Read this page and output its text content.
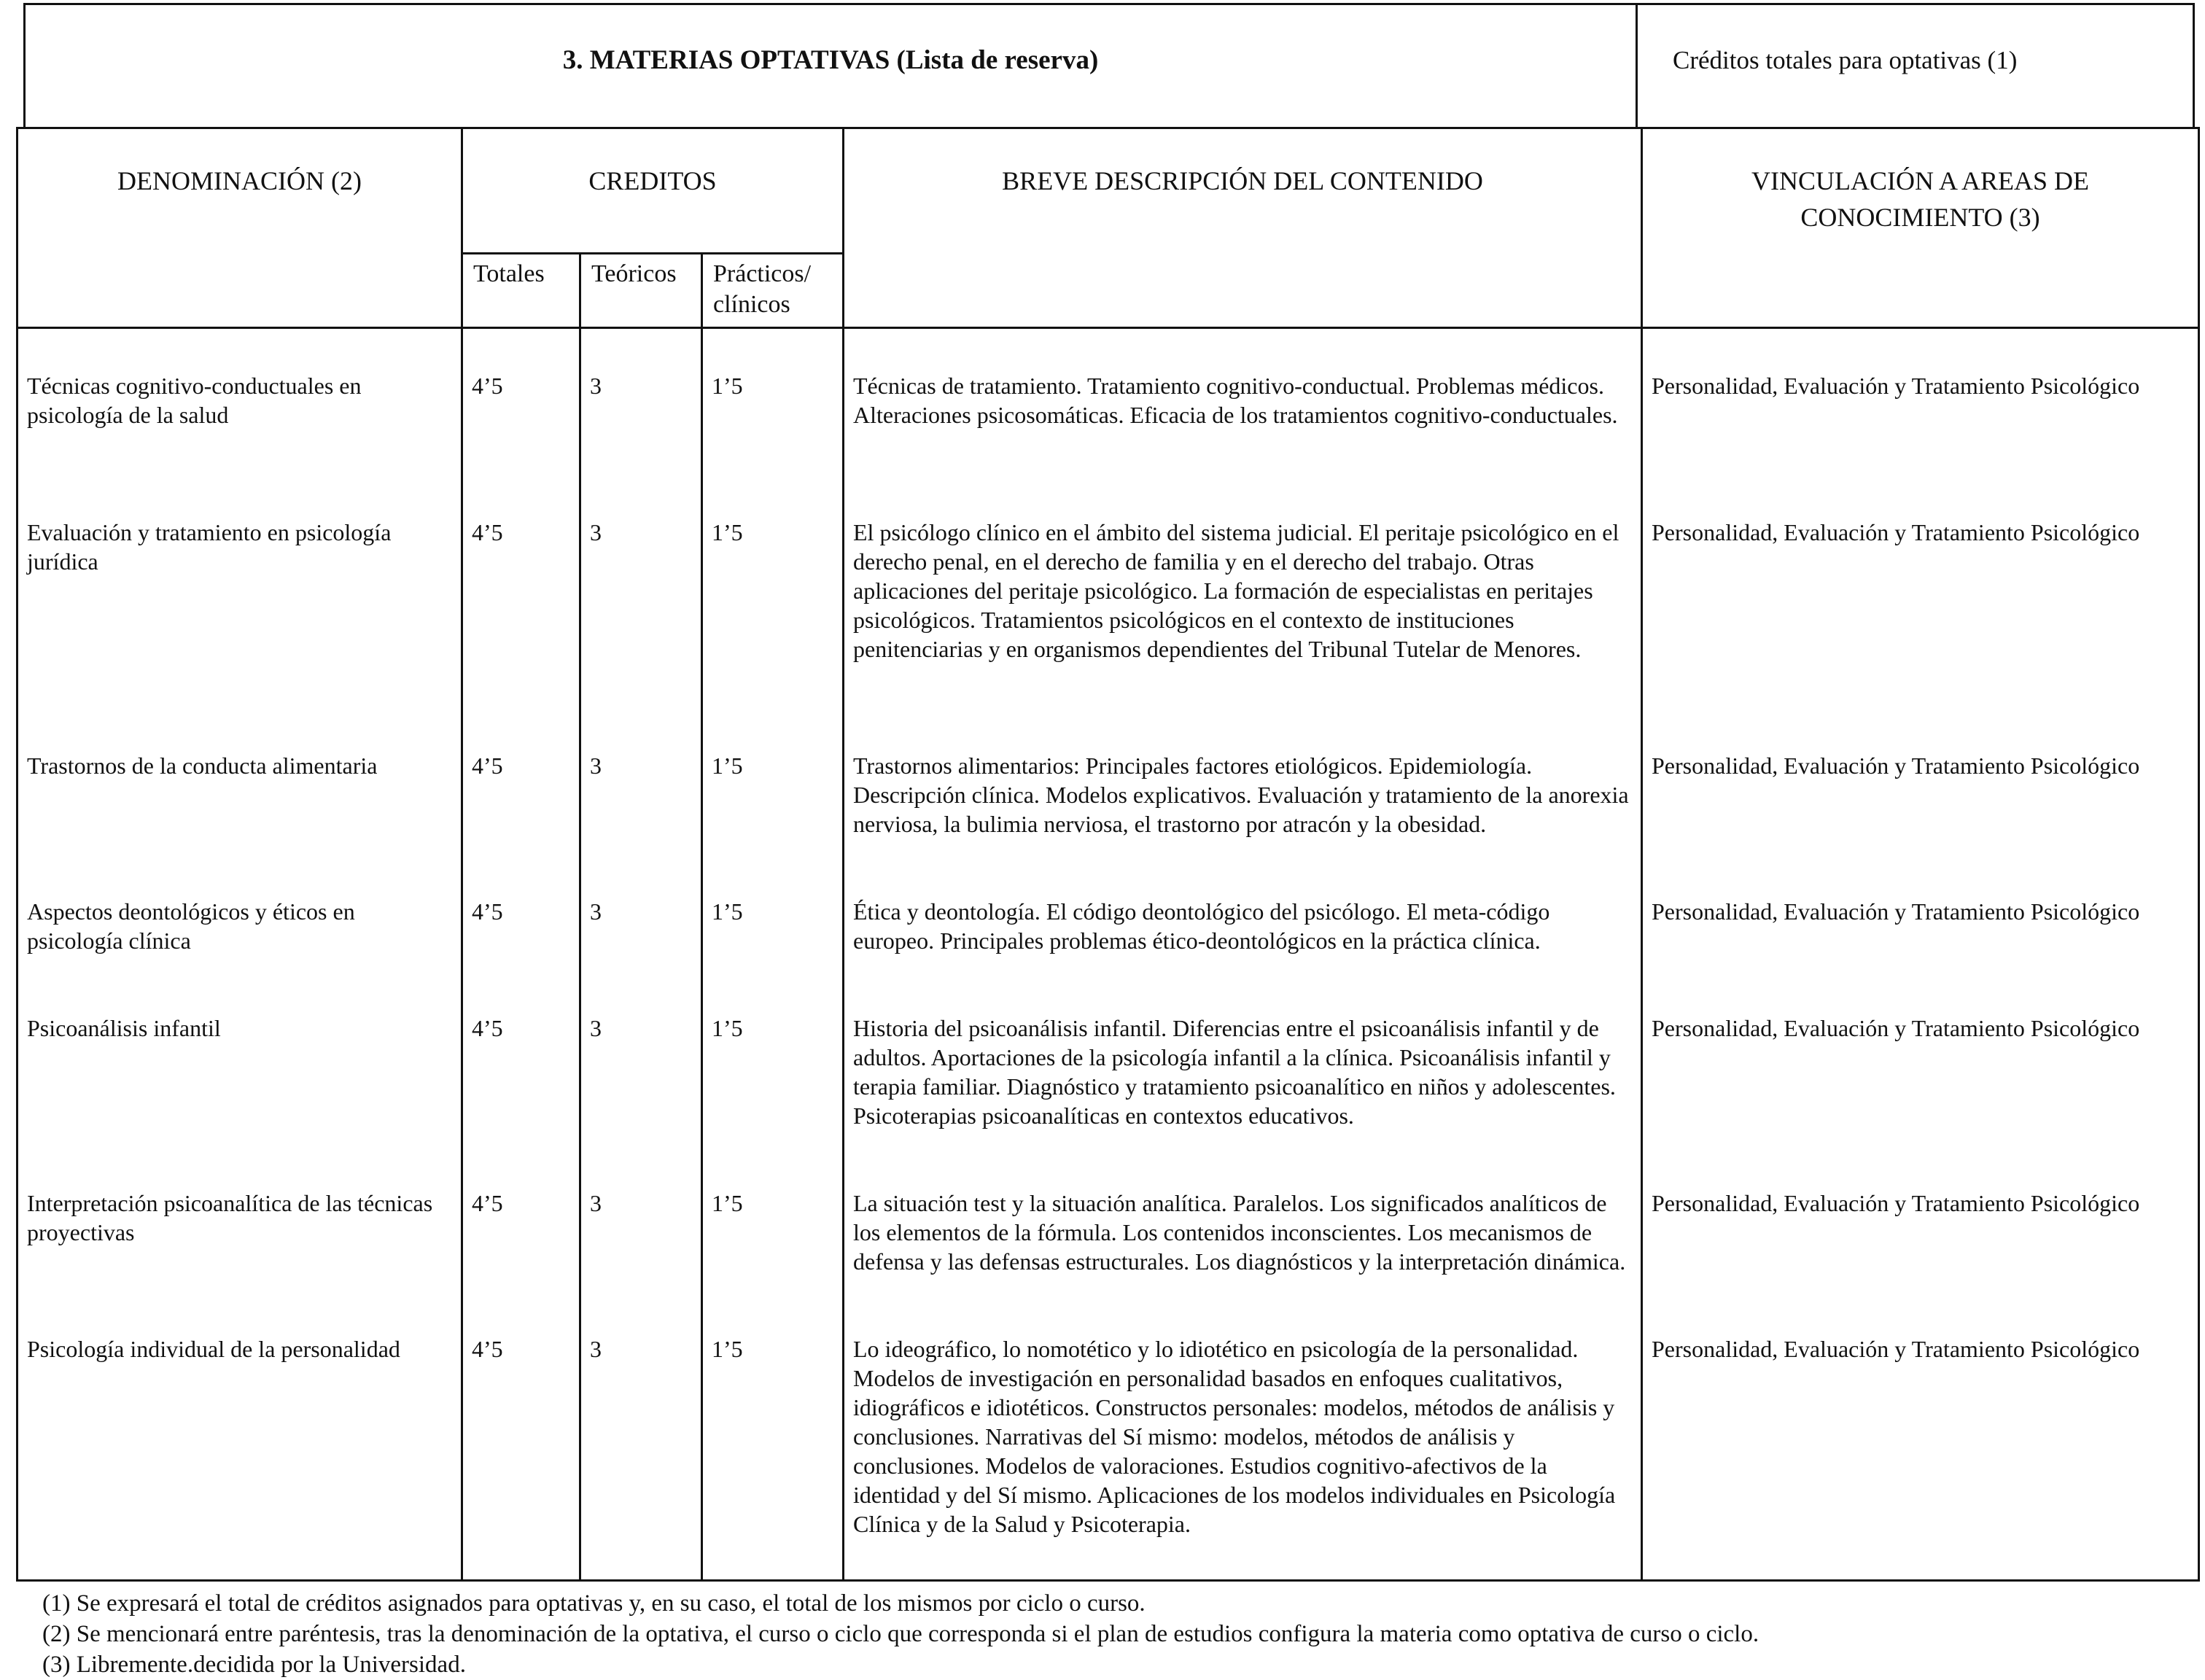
3. MATERIAS OPTATIVAS (Lista de reserva)	Créditos totales para optativas (1)
DENOMINACIÓN (2)	CREDITOS			BREVE DESCRIPCIÓN DEL CONTENIDO	VINCULACIÓN A AREAS DE CONOCIMIENTO (3)
	Totales	Teóricos	Prácticos/ clínicos		
Técnicas cognitivo-conductuales en psicología de la salud	4’5	3	1’5	Técnicas de tratamiento. Tratamiento cognitivo-conductual. Problemas médicos. Alteraciones psicosomáticas. Eficacia de los tratamientos cognitivo-conductuales.	Personalidad, Evaluación y Tratamiento Psicológico
Evaluación y tratamiento en psicología jurídica	4’5	3	1’5	El psicólogo clínico en el ámbito del sistema judicial. El peritaje psicológico en el derecho penal, en el derecho de familia y en el derecho del trabajo. Otras aplicaciones del peritaje psicológico. La formación de especialistas en peritajes psicológicos. Tratamientos psicológicos en el contexto de instituciones penitenciarias y en organismos dependientes del Tribunal Tutelar de Menores.	Personalidad, Evaluación y Tratamiento Psicológico
Trastornos de la conducta alimentaria	4’5	3	1’5	Trastornos alimentarios: Principales factores etiológicos. Epidemiología. Descripción clínica. Modelos explicativos. Evaluación y tratamiento de la anorexia nerviosa, la bulimia nerviosa, el trastorno por atracón y la obesidad.	Personalidad, Evaluación y Tratamiento Psicológico
Aspectos deontológicos y éticos en psicología clínica	4’5	3	1’5	Ética y deontología. El código deontológico del psicólogo. El meta-código europeo. Principales problemas ético-deontológicos en la práctica clínica.	Personalidad, Evaluación y Tratamiento Psicológico
Psicoanálisis infantil	4’5	3	1’5	Historia del psicoanálisis infantil. Diferencias entre el psicoanálisis infantil y de adultos. Aportaciones de la psicología infantil a la clínica. Psicoanálisis infantil y terapia familiar. Diagnóstico y tratamiento psicoanalítico en niños y adolescentes. Psicoterapias psicoanalíticas en contextos educativos.	Personalidad, Evaluación y Tratamiento Psicológico
Interpretación psicoanalítica de las técnicas proyectivas	4’5	3	1’5	La situación test y la situación analítica. Paralelos. Los significados analíticos de los elementos de la fórmula. Los contenidos inconscientes. Los mecanismos de defensa y las defensas estructurales. Los diagnósticos y la interpretación dinámica.	Personalidad, Evaluación y Tratamiento Psicológico
Psicología individual de la personalidad	4’5	3	1’5	Lo ideográfico, lo nomotético y lo idiotético en psicología de la personalidad. Modelos de investigación en personalidad basados en enfoques cualitativos, idiográficos e idiotéticos. Constructos personales: modelos, métodos de análisis y conclusiones. Narrativas del Sí mismo: modelos, métodos de análisis y conclusiones. Modelos de valoraciones. Estudios cognitivo-afectivos de la identidad y del Sí mismo. Aplicaciones de los modelos individuales en Psicología Clínica y de la Salud y Psicoterapia.	Personalidad, Evaluación y Tratamiento Psicológico
(1) Se expresará el total de créditos asignados para optativas y, en su caso, el total de los mismos por ciclo o curso.
(2) Se mencionará entre paréntesis, tras la denominación de la optativa, el curso o ciclo que corresponda si el plan de estudios configura la materia como optativa de curso o ciclo.
(3) Libremente.decidida por la Universidad.
